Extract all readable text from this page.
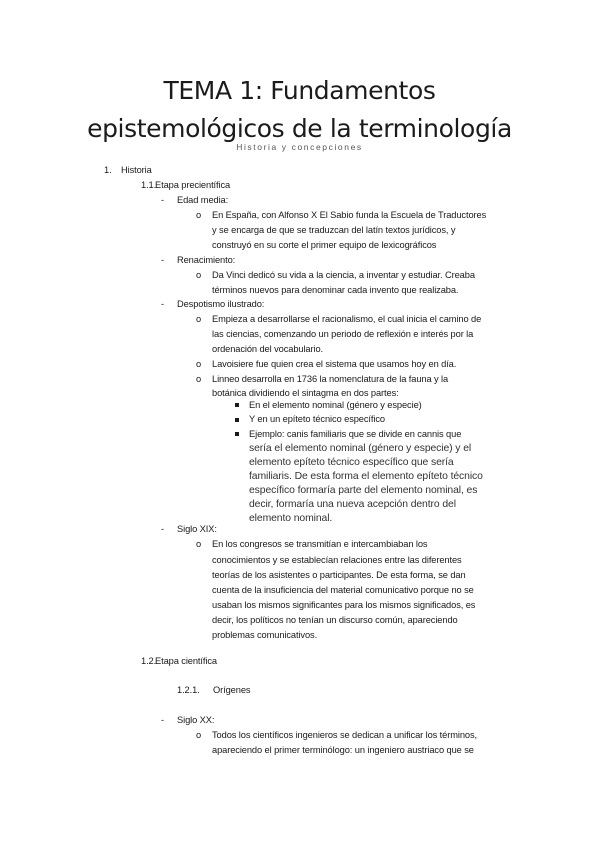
TEMA 1: Fundamentos
epistemológicos de la terminología
Historia y concepciones
1. Historia
1.1.
Etapa precientífica
- Edad media:
o En España, con Alfonso X El Sabio funda la Escuela de Traductores
y se encarga de que se traduzcan del latín textos jurídicos, y
construyó en su corte el primer equipo de lexicográficos
- Renacimiento:
o Da Vinci dedicó su vida a la ciencia, a inventar y estudiar. Creaba
términos nuevos para denominar cada invento que realizaba.
- Despotismo ilustrado:
o Empieza a desarrollarse el racionalismo, el cual inicia el camino de
las ciencias, comenzando un periodo de reflexión e interés por la
ordenación del vocabulario.
o Lavoisiere fue quien crea el sistema que usamos hoy en día.
o Linneo desarrolla en 1736 la nomenclatura de la fauna y la
botánica dividiendo el sintagma en dos partes:
En el elemento nominal (género y especie)
Y en un epíteto técnico específico
Ejemplo: canis familiaris que se divide en cannis que
sería el elemento nominal (género y especie) y el
elemento epíteto técnico específico que sería
familiaris. De esta forma el elemento epíteto técnico
específico formaría parte del elemento nominal, es
decir, formaría una nueva acepción dentro del
elemento nominal.
- Siglo XIX:
o En los congresos se transmitían e intercambiaban los
conocimientos y se establecían relaciones entre las diferentes
teorías de los asistentes o participantes. De esta forma, se dan
cuenta de la insuficiencia del material comunicativo porque no se
usaban los mismos significantes para los mismos significados, es
decir, los políticos no tenían un discurso común, apareciendo
problemas comunicativos.
1.2.
Etapa científica
1.2.1. Orígenes
- Siglo XX:
o Todos los científicos ingenieros se dedican a unificar los términos,
apareciendo el primer terminólogo: un ingeniero austriaco que se
